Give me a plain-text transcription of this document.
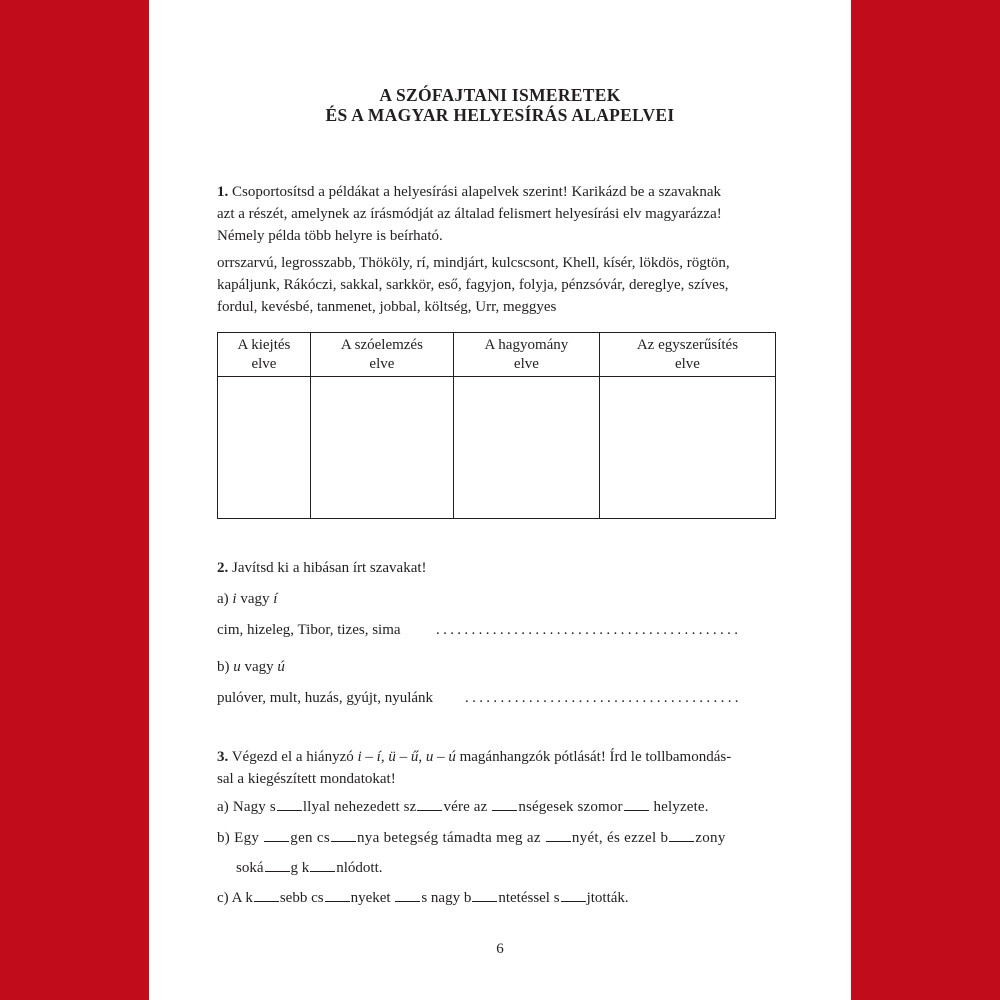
A SZÓFAJTANI ISMERETEK
ÉS A MAGYAR HELYESÍRÁS ALAPELVEI
1. Csoportosítsd a példákat a helyesírási alapelvek szerint! Karikázd be a szavaknak
azt a részét, amelynek az írásmódját az általad felismert helyesírási elv magyarázza!
Némely példa több helyre is beírható.
orrszarvú, legrosszabb, Thököly, rí, mindjárt, kulcscsont, Khell, kísér, lökdös, rögtön,
kapáljunk, Rákóczi, sakkal, sarkkör, eső, fagyjon, folyja, pénzsóvár, dereglye, szíves,
fordul, kevésbé, tanmenet, jobbal, költség, Urr, meggyes
A kiejtés
elve	A szóelemzés
elve	A hagyomány
elve	Az egyszerűsítés
elve

2. Javítsd ki a hibásan írt szavakat!
a) i vagy í
cim, hizeleg, Tibor, tizes, sima . . . . . . . . . . . . . . . . . . . . . . . . . . . . . . . . . . . . . . . . . . .
b) u vagy ú
pulóver, mult, huzás, gyújt, nyulánk . . . . . . . . . . . . . . . . . . . . . . . . . . . . . . . . . . . . . . .
3. Végezd el a hiányzó i – í, ü – ű, u – ú magánhangzók pótlását! Írd le tollbamondás-
sal a kiegészített mondatokat!
a) Nagy s llyal nehezedett sz vére az nségesek szomor helyzete.
b) Egy gen cs nya betegség támadta meg az nyét, és ezzel b zony
soká g k nlódott.
c) A k sebb cs nyeket s nagy b ntetéssel s jtották.
6
